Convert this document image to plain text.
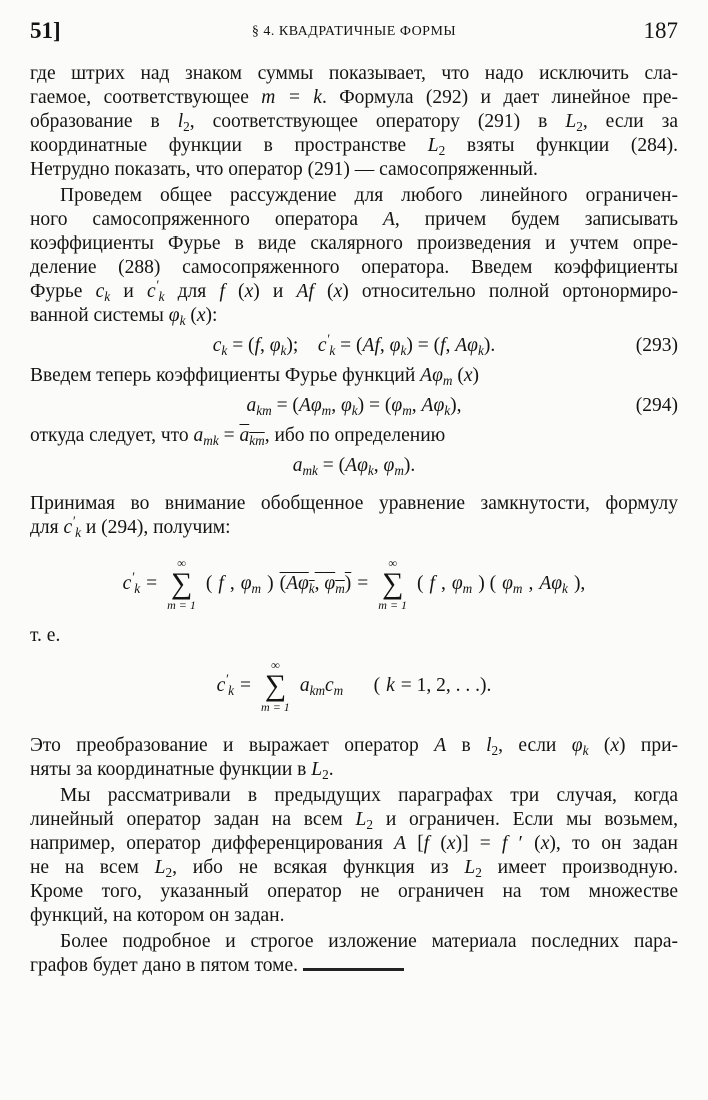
51]	§ 4. КВАДРАТИЧНЫЕ ФОРМЫ	187

где штрих над знаком суммы показывает, что надо исключить сла-

гаемое, соответствующее m = k. Формула (292) и дает линейное пре-

образование в $l_2$, соответствующее оператору (291) в $L_2$, если за

координатные функции в пространстве $L_2$ взяты функции (284).

Нетрудно показать, что оператор (291) — самосопряженный.

Проведем общее рассуждение для любого линейного ограничен-

ного самосопряженного оператора A, причем будем записывать

коэффициенты Фурье в виде скалярного произведения и учтем опре-

деление (288) самосопряженного оператора. Введем коэффициенты

Фурье $c_k$ и $c'_k$ для f (x) и Af (x) относительно полной ортонормиро-

ванной системы $\varphi_k$ (x):

$c_k = (f$, $\varphi_k$);    $c'_k = (Af$, $\varphi_k) = (f$, $A\varphi_k$).	(293)

Введем теперь коэффициенты Фурье функций $A\varphi_m$ (x)

$a_{km} = (A\varphi_m$, $\varphi_k) = (\varphi_m$, $A\varphi_k$),	(294)

откуда следует, что $a_{mk} = a_{km}$, ибо по определению

$a_{mk} = (A\varphi_k$, $\varphi_m$).

Принимая во внимание обобщенное уравнение замкнутости, формулу

для $c'_k$ и (294), получим:

$c'_k$ =
∞
∑
m = 1
( f , $\varphi_m$ ) ($A\varphi_k$, $\varphi_m$) =
∞
∑
m = 1
( f , $\varphi_m$ ) ( $\varphi_m$ , $A\varphi_k$ ),

т. е.

$c'_k$ =
∞
∑
m = 1
$a_{km}c_m$ ( k = 1, 2, . . .).

Это преобразование и выражает оператор A в $l_2$, если $\varphi_k$ (x) при-

няты за координатные функции в $L_2$.

Мы рассматривали в предыдущих параграфах три случая, когда

линейный оператор задан на всем $L_2$ и ограничен. Если мы возьмем,

например, оператор дифференцирования A [f (x)] = f ′ (x), то он задан

не на всем $L_2$, ибо не всякая функция из $L_2$ имеет производную.

Кроме того, указанный оператор не ограничен на том множестве

функций, на котором он задан.

Более подробное и строгое изложение материала последних пара-

графов будет дано в пятом томе.
